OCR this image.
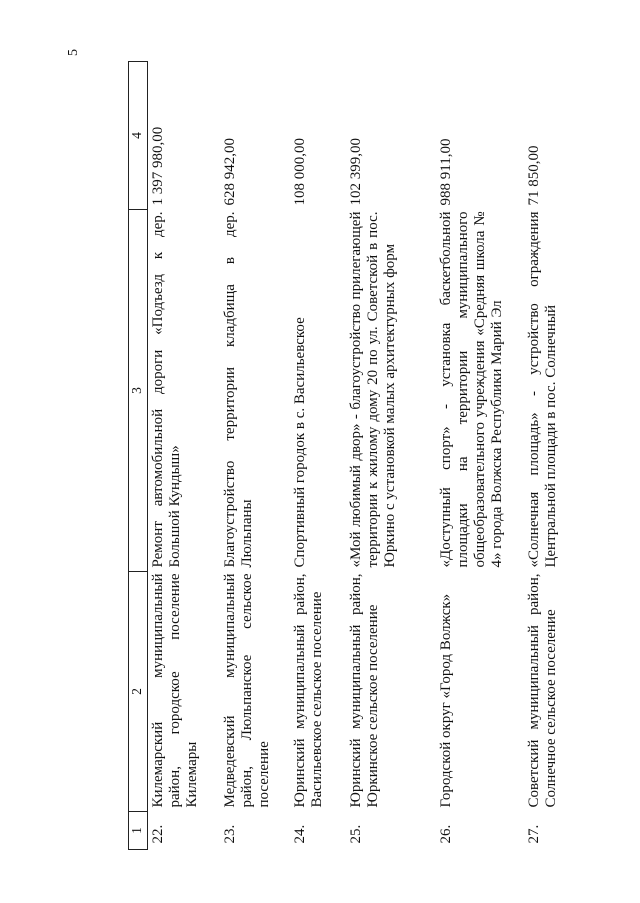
5
1	2	3	4
22.	Килемарский муниципальный район, городское поселение Килемары	Ремонт автомобильной дороги «Подъезд к дер. Большой Кундыш»	1 397 980,00
23.	Медведевский муниципальный район, Люльпанское сельское поселение	Благоустройство территории кладбища в дер. Люльпаны	628 942,00
24.	Юринский муниципальный район, Васильевское сельское поселение	Спортивный городок в с. Васильевское	108 000,00
25.	Юринский муниципальный район, Юркинское сельское поселение	«Мой любимый двор» - благоустройство прилегающей территории к жилому дому 20 по ул. Советской в пос. Юркино с установкой малых архитектурных форм	102 399,00
26.	Городской округ «Город Волжск»	«Доступный спорт» - установка баскетбольной площадки на территории муниципального общеобразовательного учреждения «Средняя школа № 4» города Волжска Республики Марий Эл	988 911,00
27.	Советский муниципальный район, Солнечное сельское поселение	«Солнечная площадь» - устройство ограждения Центральной площади в пос. Солнечный	71 850,00
